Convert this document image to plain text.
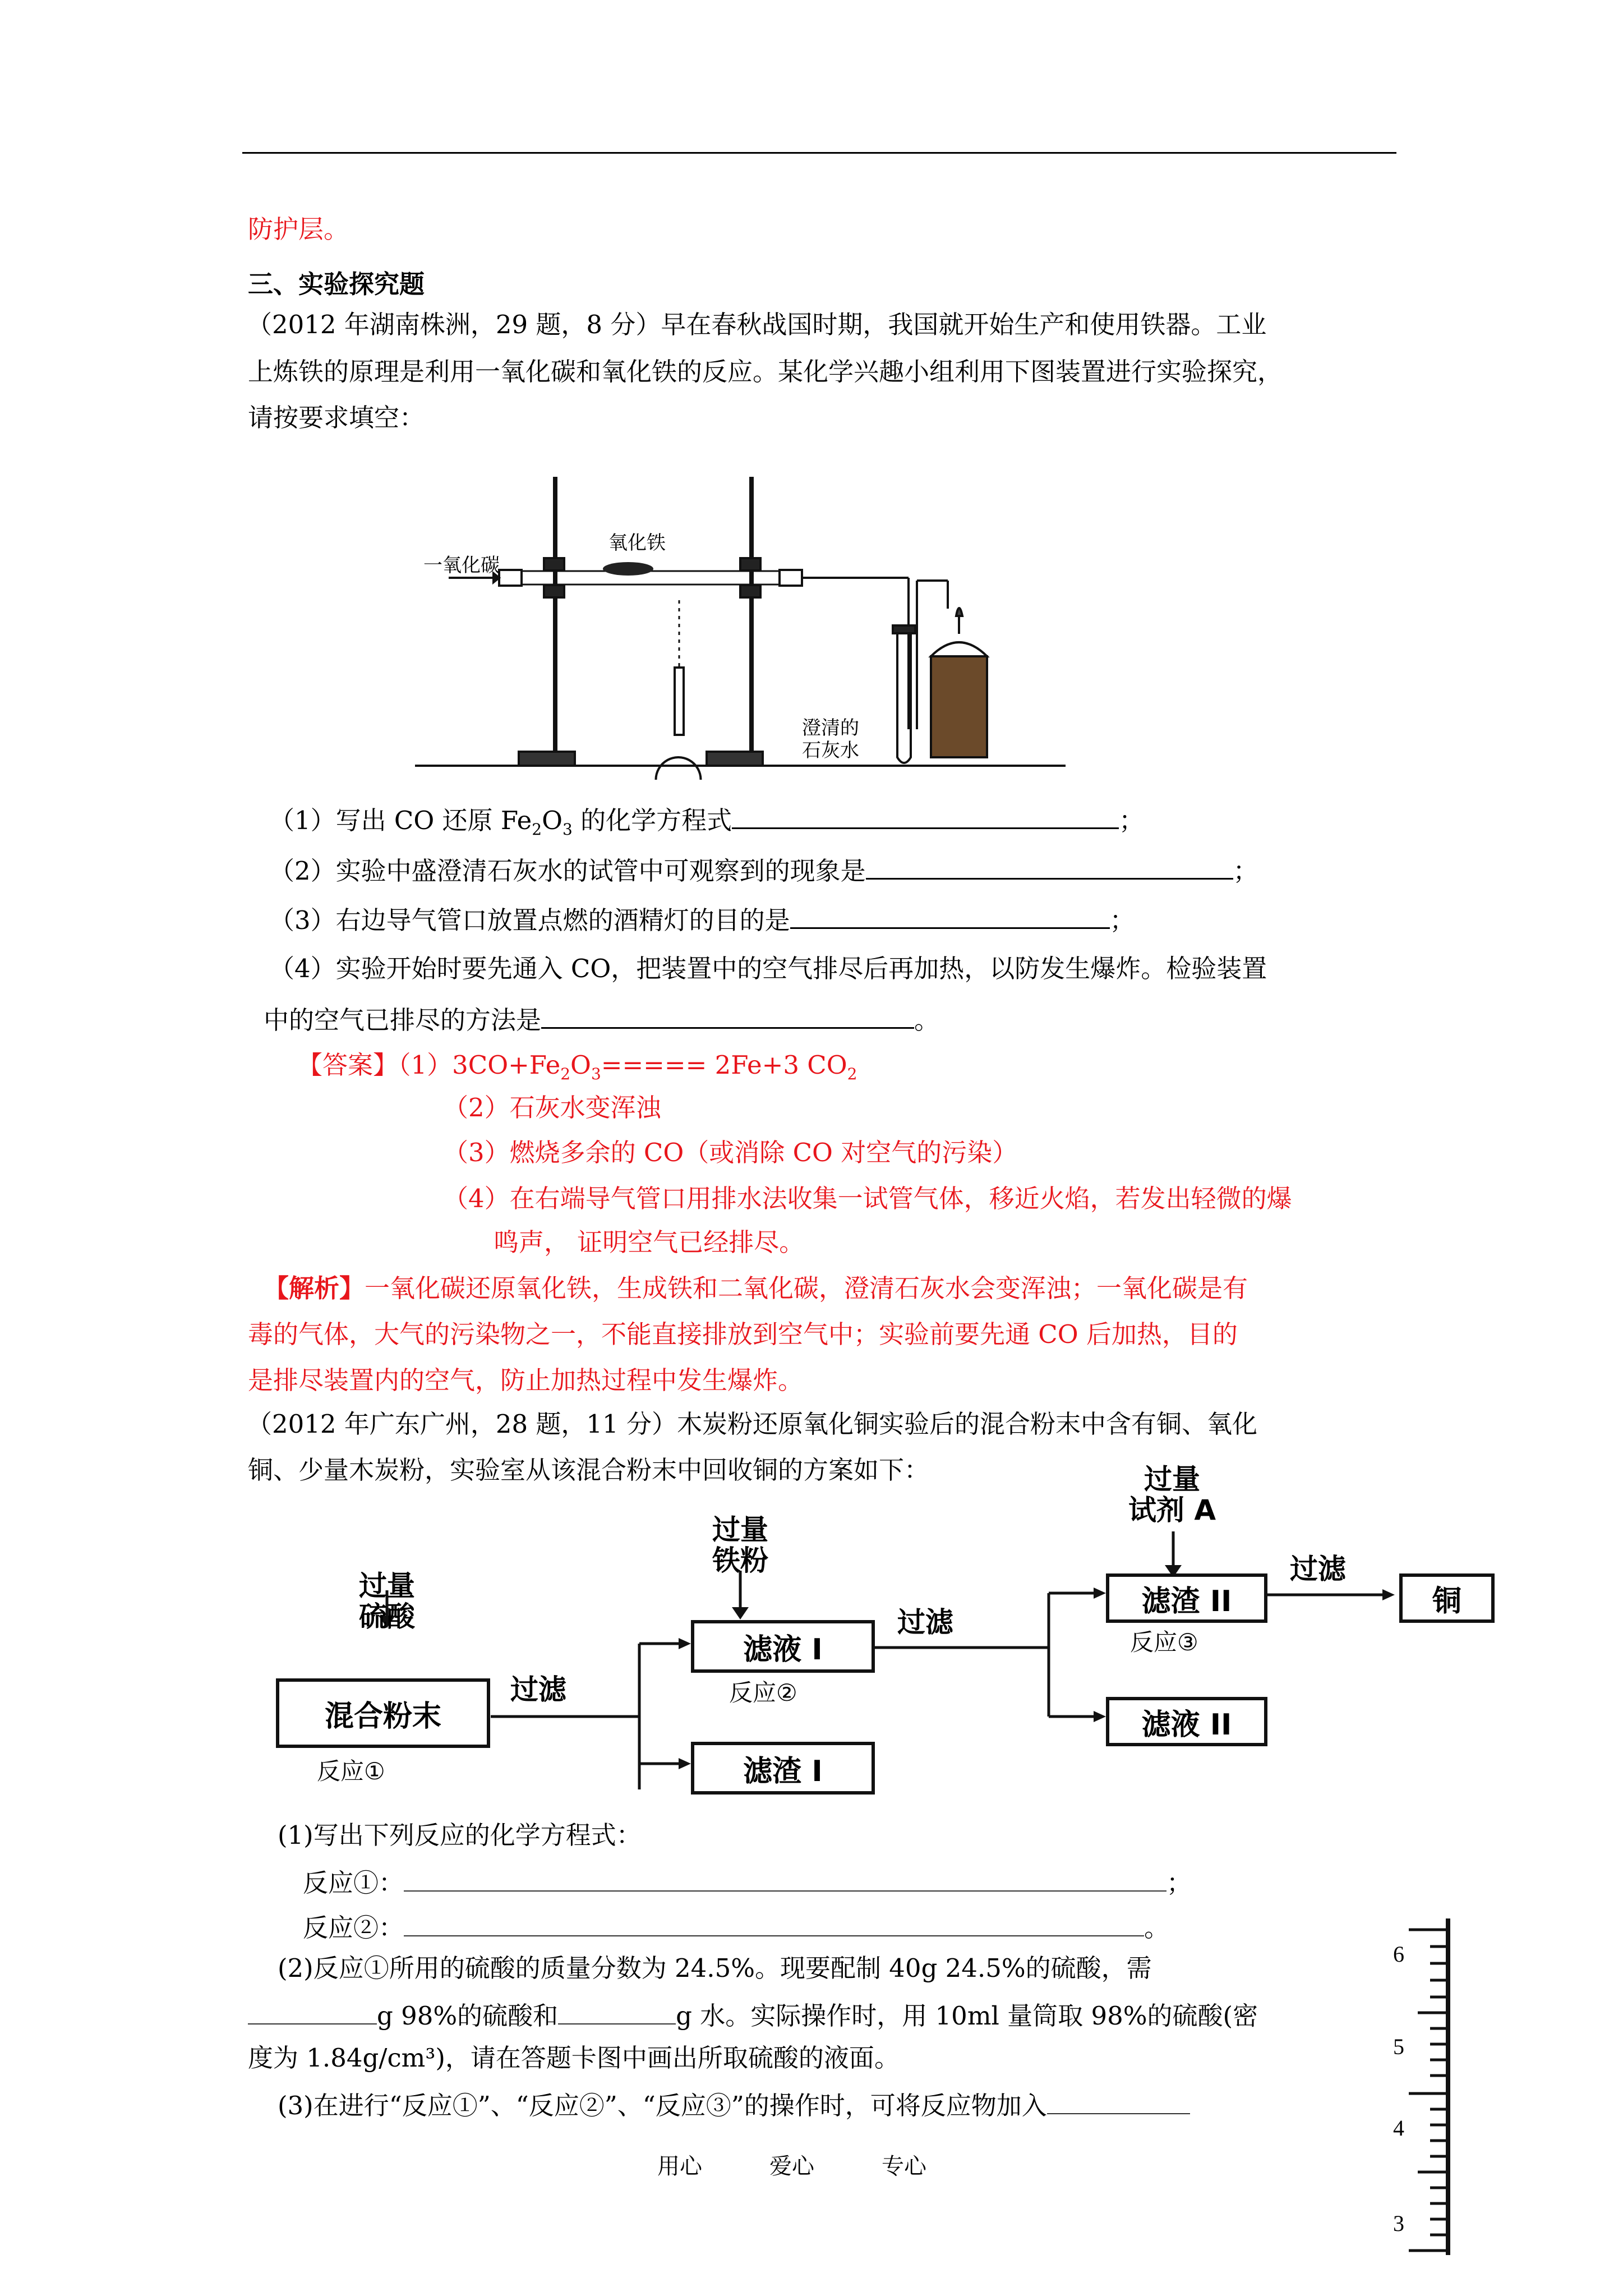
防护层。
三、实验探究题
（2012 年湖南株洲，29 题，8 分）早在春秋战国时期，我国就开始生产和使用铁器。工业
上炼铁的原理是利用一氧化碳和氧化铁的反应。某化学兴趣小组利用下图装置进行实验探究，
请按要求填空：
一氧化碳
氧化铁
澄清的
石灰水
（1）写出 CO 还原 $Fe_2O_3$ 的化学方程式	；
（2）实验中盛澄清石灰水的试管中可观察到的现象是	；
（3）右边导气管口放置点燃的酒精灯的目的是	；
（4）实验开始时要先通入 CO，把装置中的空气排尽后再加热，以防发生爆炸。检验装置
中的空气已排尽的方法是	。
【答案】$(1)3CO+Fe_2O_3===== 2Fe+3$ $CO_2$
（2）石灰水变浑浊
（3）燃烧多余的 CO（或消除 CO 对空气的污染）
（4）在右端导气管口用排水法收集一试管气体，移近火焰，若发出轻微的爆
鸣声， 证明空气已经排尽。
【解析】一氧化碳还原氧化铁，生成铁和二氧化碳，澄清石灰水会变浑浊；一氧化碳是有
毒的气体，大气的污染物之一，不能直接排放到空气中；实验前要先通 CO 后加热，目的
是排尽装置内的空气，防止加热过程中发生爆炸。
（2012 年广东广州，28 题，11 分）木炭粉还原氧化铜实验后的混合粉末中含有铜、氧化
铜、少量木炭粉，实验室从该混合粉末中回收铜的方案如下：
过量
硫酸
混合粉末
反应①
过滤
滤液 I
反应②
滤渣 I
过量
铁粉
过滤
过量
试剂 A
滤渣 II
反应③
过滤
铜
滤液 II
(1)写出下列反应的化学方程式：
反应①：	；
反应②：	。
(2)反应①所用的硫酸的质量分数为 24.5%。现要配制 40g 24.5%的硫酸，需
g 98%的硫酸和	g 水。实际操作时，用 10ml 量筒取 98%的硫酸(密
度为 1.84g/cm³)，请在答题卡图中画出所取硫酸的液面。
(3)在进行“反应①”、“反应②”、“反应③”的操作时，可将反应物加入
6
5
4
3
用心	爱心	专心
